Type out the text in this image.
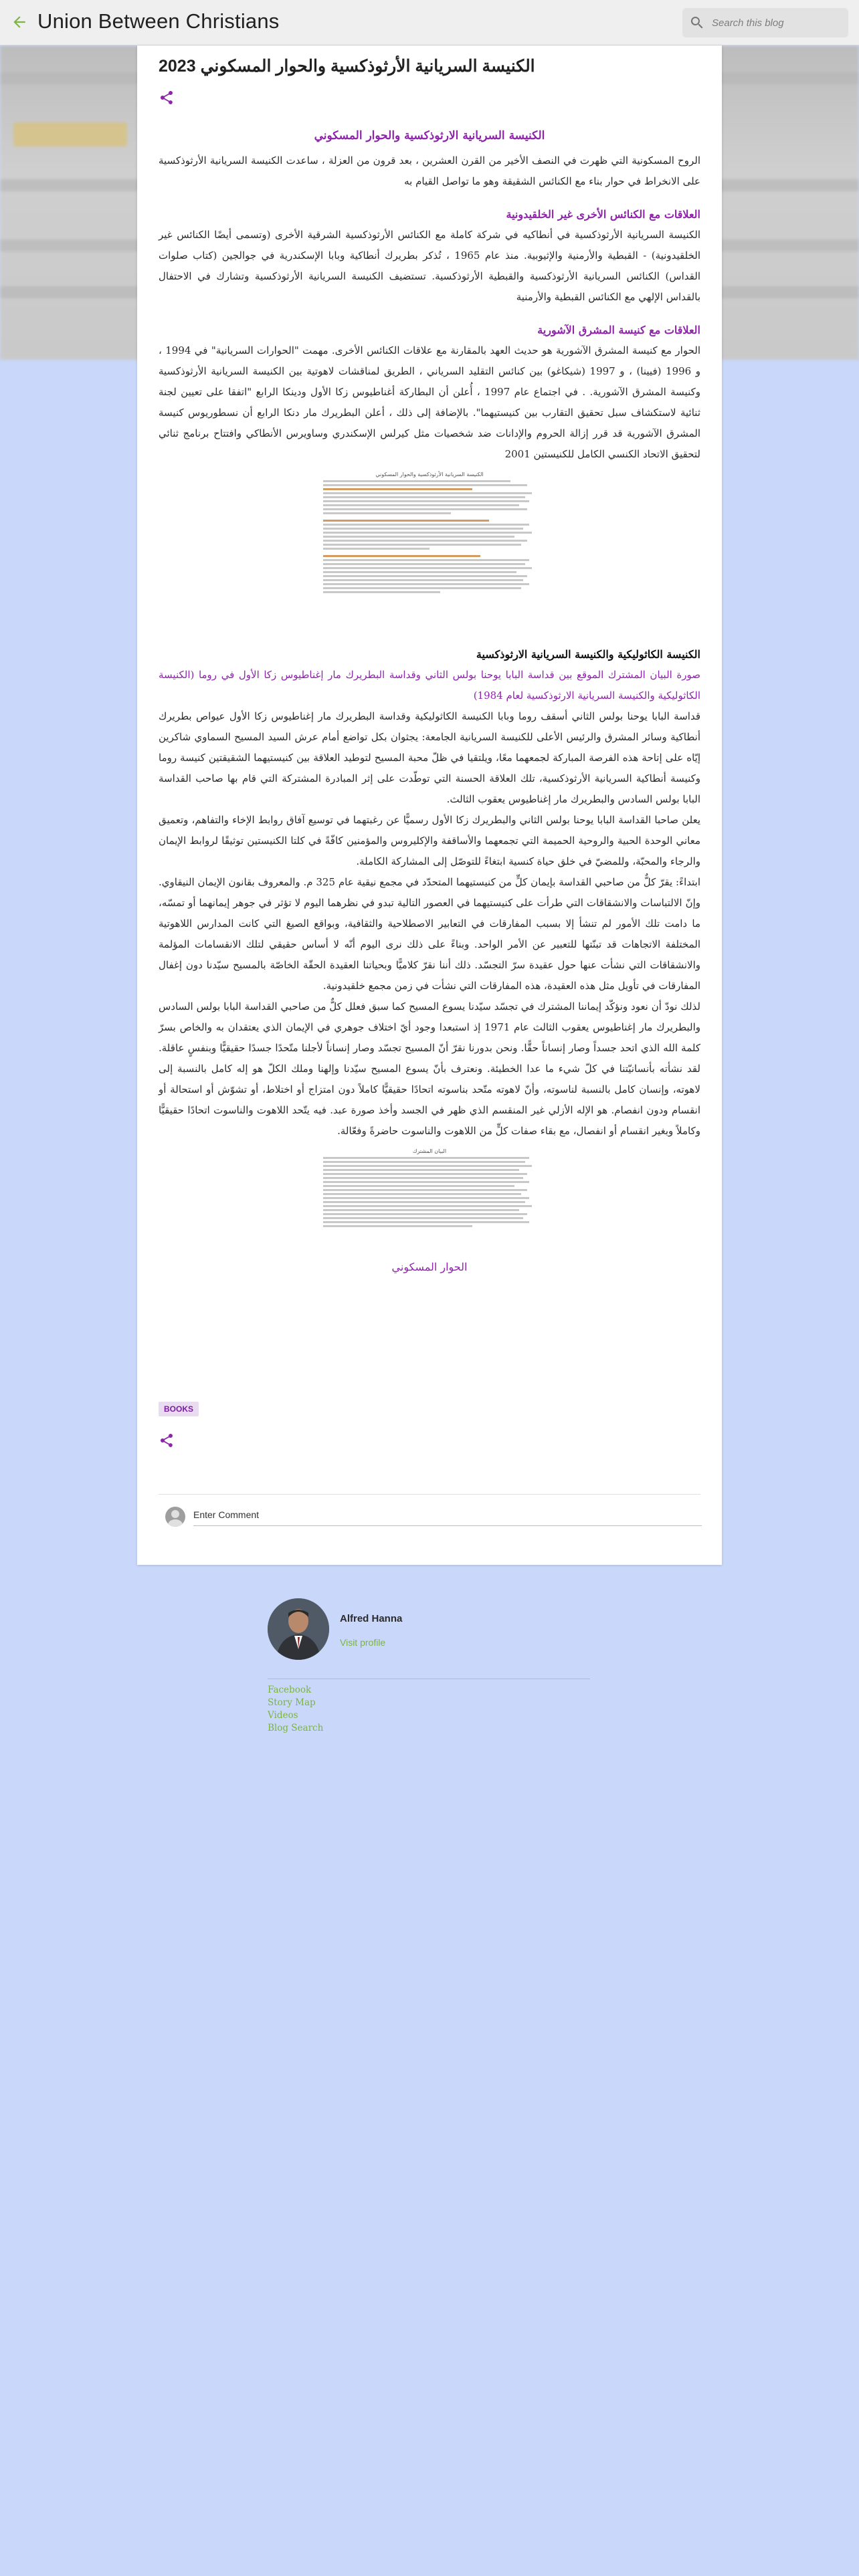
Union Between Christians
Search this blog
الكنيسة السريانية الأرثوذكسية والحوار المسكوني 2023
الكنيسة السريانية الارثوذكسية والحوار المسكوني

الروح المسكونية التي ظهرت في النصف الأخير من القرن العشرين ، بعد قرون من العزلة ، ساعدت الكنيسة السريانية الأرثوذكسية على الانخراط في حوار بناء مع الكنائس الشقيقة وهو ما تواصل القيام به

العلاقات مع الكنائس الأخرى غير الخلقيدونية

الكنيسة السريانية الأرثوذكسية في أنطاكيه في شركة كاملة مع الكنائس الأرثوذكسية الشرقية الأخرى (وتسمى أيضًا الكنائس غير الخلقيدونية) - القبطية والأرمنية والإثيوبية. منذ عام 1965 ، تُذكر بطريرك أنطاكية وبابا الإسكندرية في جوالجين (كتاب صلوات القداس) الكنائس السريانية الأرثوذكسية والقبطية الأرثوذكسية. تستضيف الكنيسة السريانية الأرثوذكسية وتشارك في الاحتفال بالقداس الإلهي مع الكنائس القبطية والأرمنية

العلاقات مع كنيسة المشرق الآشورية

الحوار مع كنيسة المشرق الآشورية هو حديث العهد بالمقارنة مع علاقات الكنائس الأخرى. مهمت "الحوارات السريانية" في 1994 ، و 1996 (فيينا) ، و 1997 (شيكاغو) بين كنائس التقليد السرياني ، الطريق لمناقشات لاهوتية بين الكنيسة السريانية الأرثوذكسية وكنيسة المشرق الآشورية. . في اجتماع عام 1997 ، أُعلن أن البطاركة أغناطيوس زكا الأول ودينكا الرابع "اتفقا على تعيين لجنة ثنائية لاستكشاف سبل تحقيق التقارب بين كنيستيهما". بالإضافة إلى ذلك ، أعلن البطريرك مار دنكا الرابع أن نسطوريوس كنيسة المشرق الآشورية قد قرر إزالة الحروم والإدانات ضد شخصيات مثل كيرلس الإسكندري وساويرس الأنطاكي وافتتاح برنامج ثنائي لتحقيق الاتحاد الكنسي الكامل للكنيستين 2001

الكنيسة السريانية الأرثوذكسية والحوار المسكوني
الكنيسة الكاثوليكية والكنيسة السريانية الارثوذكسية

صورة البيان المشترك الموقع بين قداسة البابا يوحنا بولس الثاني وقداسة البطريرك مار إغناطيوس زكا الأول في روما (الكنيسة الكاثوليكية والكنيسة السريانية الارثوذكسية لعام 1984)

قداسة البابا يوحنا بولس الثاني أسقف روما وبابا الكنيسة الكاثوليكية وقداسة البطريرك مار إغناطيوس زكا الأول عيواص بطريرك أنطاكية وسائر المشرق والرئيس الأعلى للكنيسة السريانية الجامعة: يجثوان بكل تواضع أمام عرش السيد المسيح السماوي شاكرين إيّاه على إتاحة هذه الفرصة المباركة لجمعهما معًا، ويلتقيا في ظلّ محبة المسيح لتوطيد العلاقة بين كنيستيهما الشقيقتين كنيسة روما وكنيسة أنطاكية السريانية الأرثوذكسية، تلك العلاقة الحسنة التي توطّدت على إثر المبادرة المشتركة التي قام بها صاحب القداسة البابا بولس السادس والبطريرك مار إغناطيوس يعقوب الثالث.

يعلن صاحبا القداسة البابا يوحنا بولس الثاني والبطريرك زكا الأول رسميًّا عن رغبتهما في توسيع آفاق روابط الإخاء والتفاهم، وتعميق معاني الوحدة الحبية والروحية الحميمة التي تجمعهما والأساقفة والإكليروس والمؤمنين كافّةً في كلتا الكنيستين توثيقًا لروابط الإيمان والرجاء والمحبّة، وللمضيّ في خلق حياة كنسية ابتغاءً للتوصّل إلى المشاركة الكاملة.

ابتداءً: يقرّ كلٌّ من صاحبي القداسة بإيمان كلٍّ من كنيستيهما المتحدّد في مجمع نيقية عام 325 م. والمعروف بقانون الإيمان النيقاوي. وإنّ الالتباسات والانشقاقات التي طرأت على كنيستيهما في العصور التالية تبدو في نظرهما اليوم لا تؤثر في جوهر إيمانهما أو تمسّه، ما دامت تلك الأمور لم تنشأ إلا بسبب المفارقات في التعابير الاصطلاحية والثقافية، وبواقع الصيغ التي كانت المدارس اللاهوتية المختلفة الاتجاهات قد تبنّتها للتعبير عن الأمر الواحد. وبناءً على ذلك نرى اليوم أنّه لا أساس حقيقي لتلك الانقسامات المؤلمة والانشقاقات التي نشأت عنها حول عقيدة سرّ التجسّد. ذلك أننا نقرّ كلاميًّا وبحياتنا العقيدة الحقّة الخاصّة بالمسيح سيّدنا دون إغفال المفارقات في تأويل مثل هذه العقيدة، هذه المفارقات التي نشأت في زمن مجمع خلقيدونية.

لذلك نودّ أن نعود ونؤكّد إيماننا المشترك في تجسّد سيّدنا يسوع المسيح كما سبق فعلل كلٌّ من صاحبي القداسة البابا بولس السادس والبطريرك مار إغناطيوس يعقوب الثالث عام 1971 إذ استبعدا وجود أيّ اختلاف جوهري في الإيمان الذي يعتقدان به والخاص بسرّ كلمة الله الذي اتحد جسداً وصار إنساناً حقًّا. ونحن بدورنا نقرّ أنّ المسيح تجسّد وصار إنساناً لأجلنا متّحدًا جسدًا حقيقيًّا وبنفسٍ عاقلة. لقد نشأته بأنسانيّتنا في كلّ شيء ما عدا الخطيئة. ونعترف بأنّ يسوع المسيح سيّدنا وإلهنا وملك الكلّ هو إله كامل بالنسبة إلى لاهوته، وإنسان كامل بالنسبة لناسوته، وأنّ لاهوته متّحد بناسوته اتحادًا حقيقيًّا كاملاً دون امتزاج أو اختلاط، أو تشوّش أو استحالة أو انقسام ودون انفصام. هو الإله الأزلي غير المنقسم الذي ظهر في الجسد وأخذ صورة عبد. فيه يتّحد اللاهوت والناسوت اتحادًا حقيقيًّا وكاملاً وبغير انقسام أو انفصال، مع بقاء صفات كلٍّ من اللاهوت والناسوت حاضرةً وفعّالة.

البيان المشترك
الحوار المسكوني
BOOKS
Enter Comment
Alfred Hanna
Visit profile
Facebook
Story Map
Videos
Blog Search
